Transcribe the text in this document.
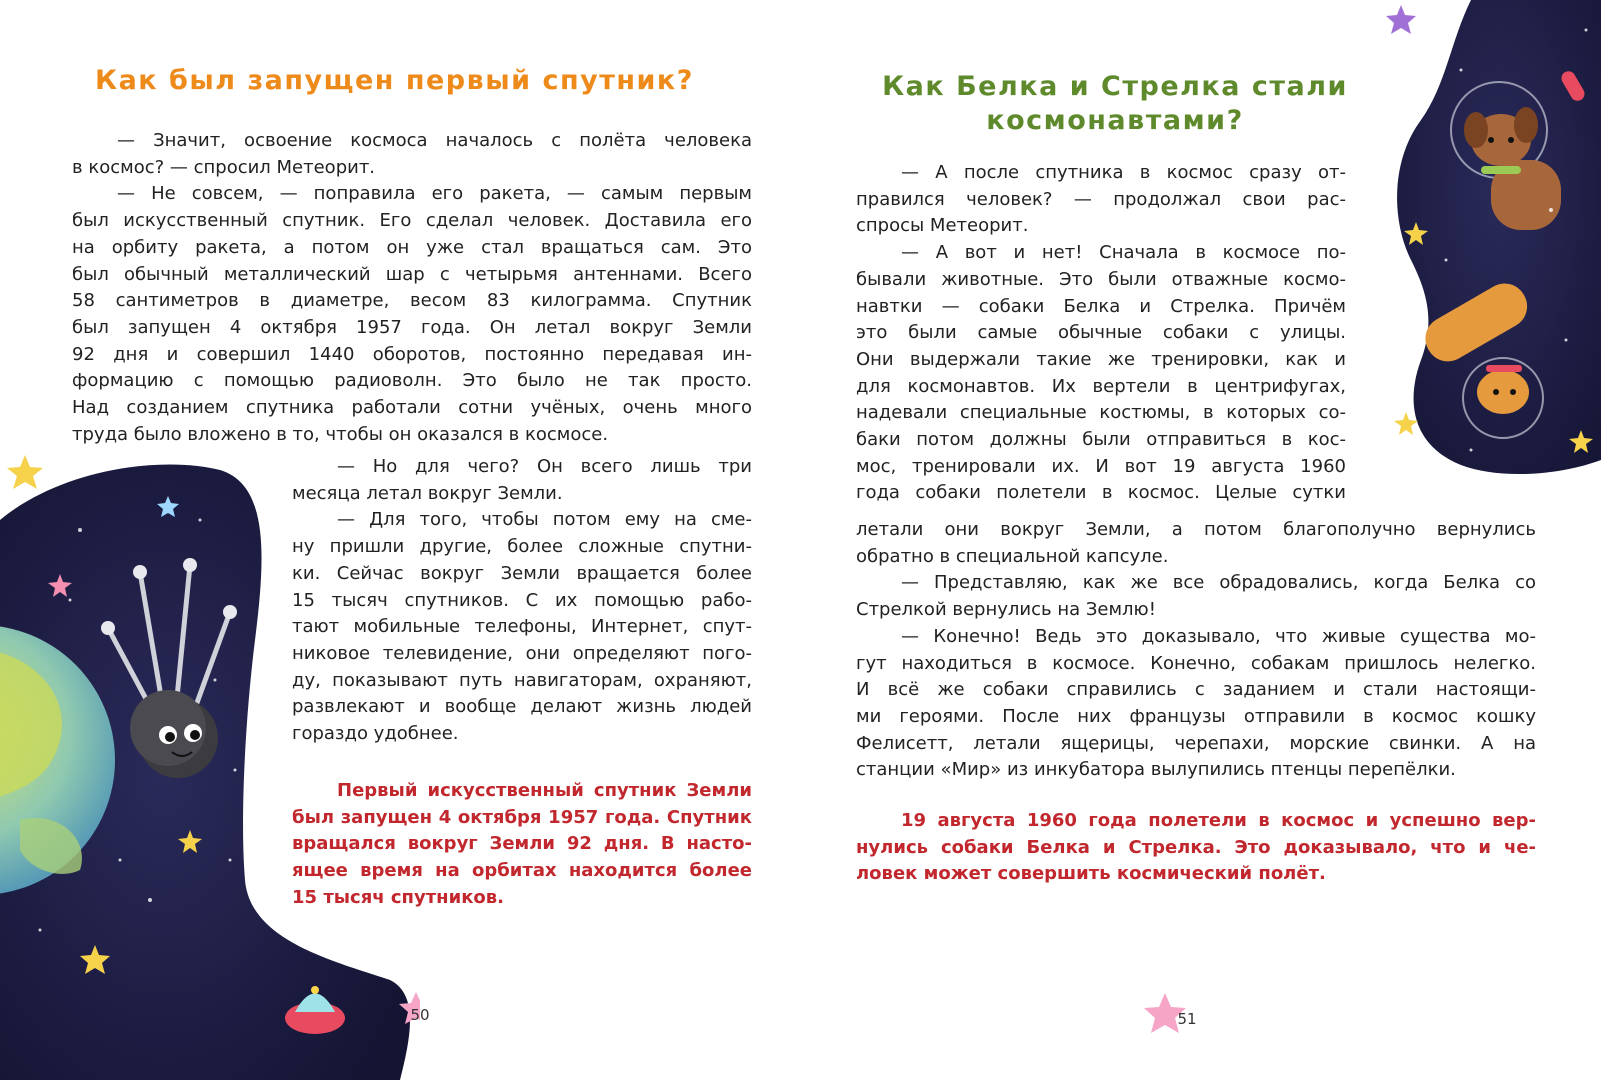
Как был запущен первый спутник?
— Значит, освоение космоса началось с полёта человека
в космос? — спросил Метеорит.
— Не совсем, — поправила его ракета, — самым первым
был искусственный спутник. Его сделал человек. Доставила его
на орбиту ракета, а потом он уже стал вращаться сам. Это
был обычный металлический шар с четырьмя антеннами. Всего
58 сантиметров в диаметре, весом 83 килограмма. Спутник
был запущен 4 октября 1957 года. Он летал вокруг Земли
92 дня и совершил 1440 оборотов, постоянно передавая ин-
формацию с помощью радиоволн. Это было не так просто.
Над созданием спутника работали сотни учёных, очень много
труда было вложено в то, чтобы он оказался в космосе.
— Но для чего? Он всего лишь три
месяца летал вокруг Земли.
— Для того, чтобы потом ему на сме-
ну пришли другие, более сложные спутни-
ки. Сейчас вокруг Земли вращается более
15 тысяч спутников. С их помощью рабо-
тают мобильные телефоны, Интернет, спут-
никовое телевидение, они определяют пого-
ду, показывают путь навигаторам, охраняют,
развлекают и вообще делают жизнь людей
гораздо удобнее.
Первый искусственный спутник Земли
был запущен 4 октября 1957 года. Спутник
вращался вокруг Земли 92 дня. В насто-
ящее время на орбитах находится более
15 тысяч спутников.
50
Как Белка и Стрелка стали
космонавтами?
— А после спутника в космос сразу от-
правился человек? — продолжал свои рас-
спросы Метеорит.
— А вот и нет! Сначала в космосе по-
бывали животные. Это были отважные космо-
навтки — собаки Белка и Стрелка. Причём
это были самые обычные собаки с улицы.
Они выдержали такие же тренировки, как и
для космонавтов. Их вертели в центрифугах,
надевали специальные костюмы, в которых со-
баки потом должны были отправиться в кос-
мос, тренировали их. И вот 19 августа 1960
года собаки полетели в космос. Целые сутки
летали они вокруг Земли, а потом благополучно вернулись
обратно в специальной капсуле.
— Представляю, как же все обрадовались, когда Белка со
Стрелкой вернулись на Землю!
— Конечно! Ведь это доказывало, что живые существа мо-
гут находиться в космосе. Конечно, собакам пришлось нелегко.
И всё же собаки справились с заданием и стали настоящи-
ми героями. После них французы отправили в космос кошку
Фелисетт, летали ящерицы, черепахи, морские свинки. А на
станции «Мир» из инкубатора вылупились птенцы перепёлки.
19 августа 1960 года полетели в космос и успешно вер-
нулись собаки Белка и Стрелка. Это доказывало, что и че-
ловек может совершить космический полёт.
51
